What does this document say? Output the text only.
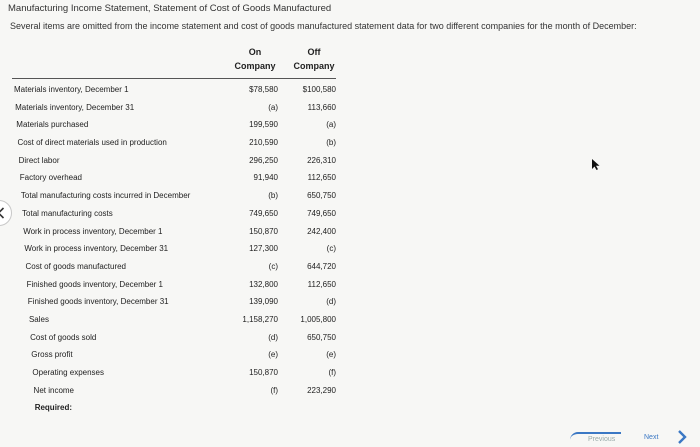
Manufacturing Income Statement, Statement of Cost of Goods Manufactured
Several items are omitted from the income statement and cost of goods manufactured statement data for two different companies for the month of December:
On
Company
Off
Company
Materials inventory, December 1	$78,580	$100,580
Materials inventory, December 31	(a)	113,660
Materials purchased	199,590	(a)
Cost of direct materials used in production	210,590	(b)
Direct labor	296,250	226,310
Factory overhead	91,940	112,650
Total manufacturing costs incurred in December	(b)	650,750
Total manufacturing costs	749,650	749,650
Work in process inventory, December 1	150,870	242,400
Work in process inventory, December 31	127,300	(c)
Cost of goods manufactured	(c)	644,720
Finished goods inventory, December 1	132,800	112,650
Finished goods inventory, December 31	139,090	(d)
Sales	1,158,270	1,005,800
Cost of goods sold	(d)	650,750
Gross profit	(e)	(e)
Operating expenses	150,870	(f)
Net income	(f)	223,290
Required:
Previous	Next
